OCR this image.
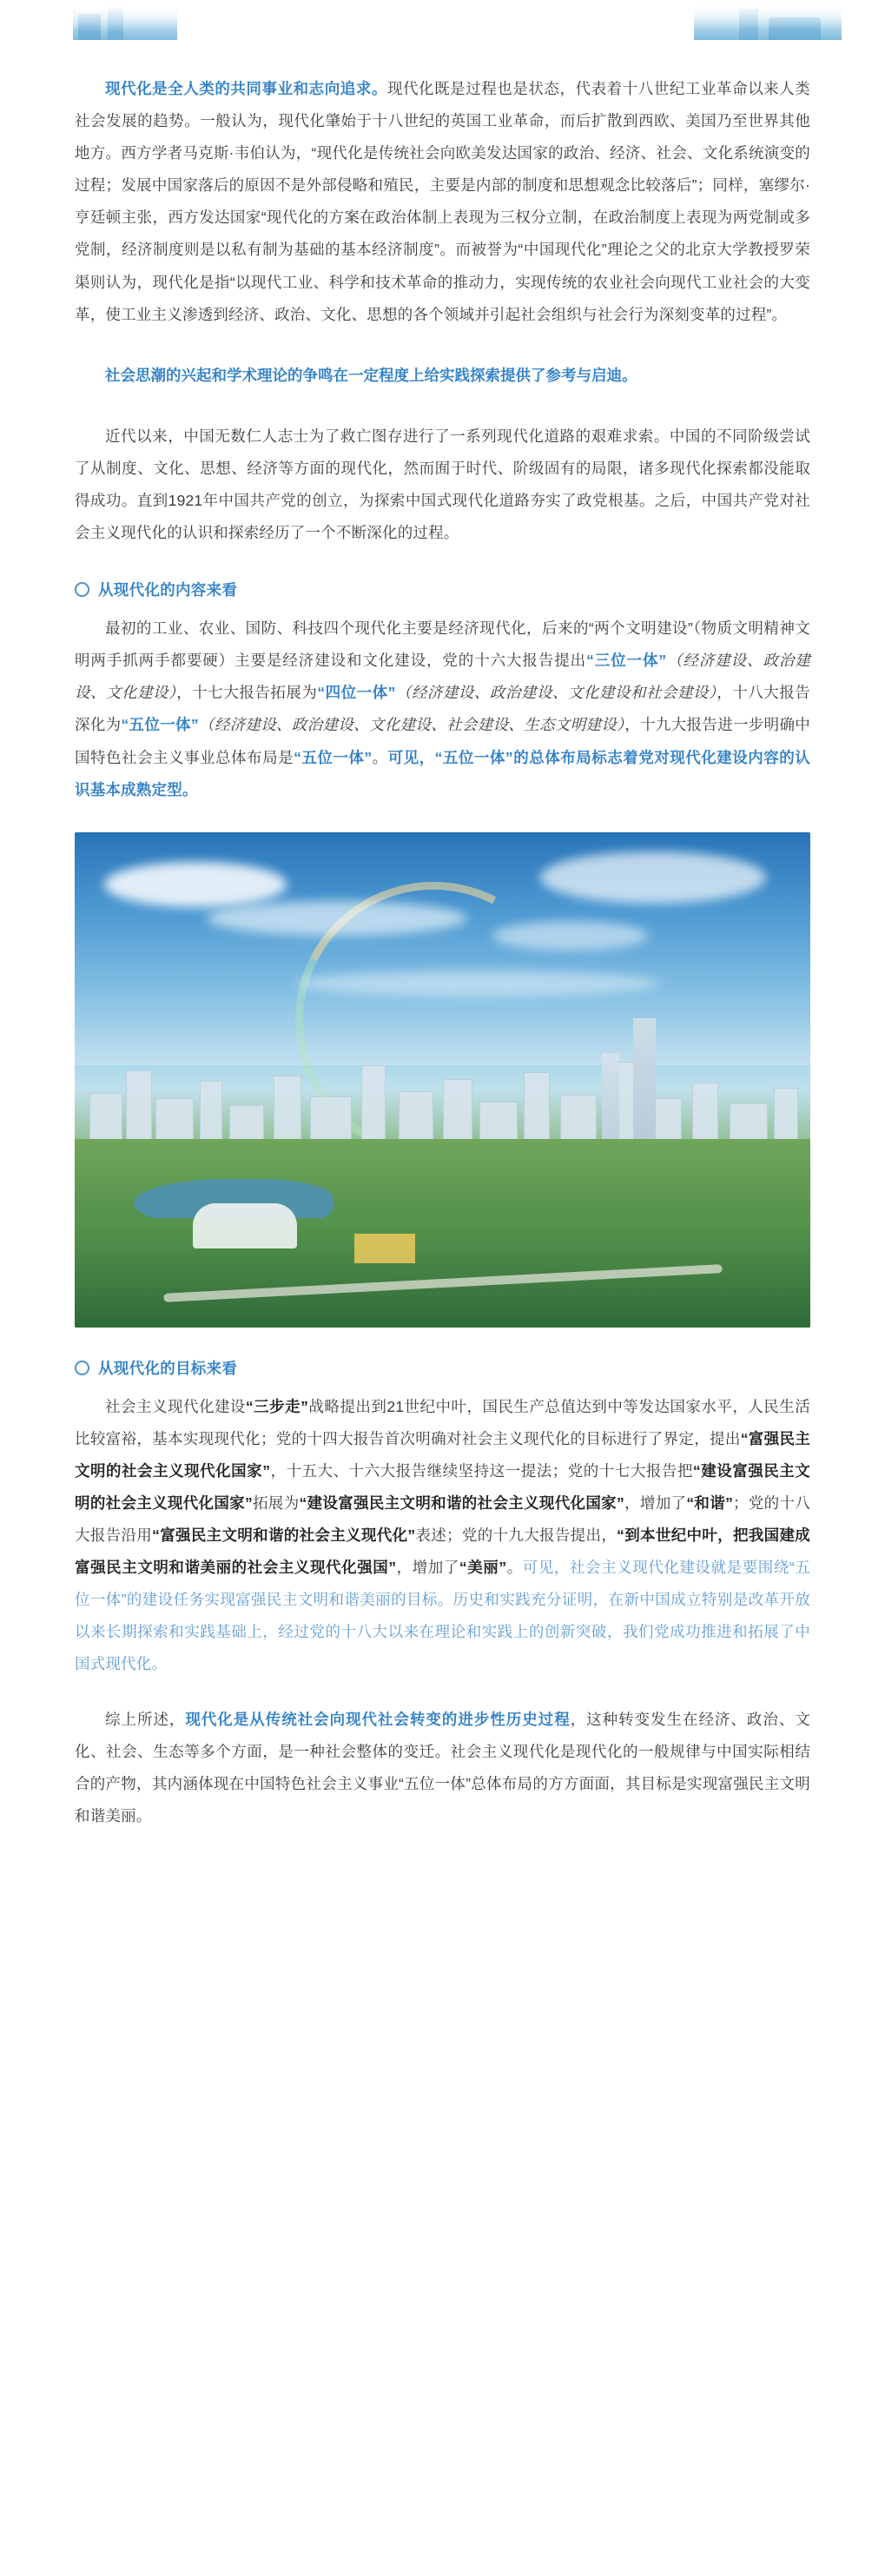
现代化是全人类的共同事业和志向追求。现代化既是过程也是状态，代表着十八世纪工业革命以来人类社会发展的趋势。一般认为，现代化肇始于十八世纪的英国工业革命，而后扩散到西欧、美国乃至世界其他地方。西方学者马克斯·韦伯认为，“现代化是传统社会向欧美发达国家的政治、经济、社会、文化系统演变的过程；发展中国家落后的原因不是外部侵略和殖民，主要是内部的制度和思想观念比较落后”；同样，塞缪尔·亨廷顿主张，西方发达国家“现代化的方案在政治体制上表现为三权分立制，在政治制度上表现为两党制或多党制，经济制度则是以私有制为基础的基本经济制度”。而被誉为“中国现代化”理论之父的北京大学教授罗荣渠则认为，现代化是指“以现代工业、科学和技术革命的推动力，实现传统的农业社会向现代工业社会的大变革，使工业主义渗透到经济、政治、文化、思想的各个领域并引起社会组织与社会行为深刻变革的过程”。

社会思潮的兴起和学术理论的争鸣在一定程度上给实践探索提供了参考与启迪。

近代以来，中国无数仁人志士为了救亡图存进行了一系列现代化道路的艰难求索。中国的不同阶级尝试了从制度、文化、思想、经济等方面的现代化，然而囿于时代、阶级固有的局限，诸多现代化探索都没能取得成功。直到1921年中国共产党的创立，为探索中国式现代化道路夯实了政党根基。之后，中国共产党对社会主义现代化的认识和探索经历了一个不断深化的过程。

从现代化的内容来看

最初的工业、农业、国防、科技四个现代化主要是经济现代化，后来的“两个文明建设”（物质文明精神文明两手抓两手都要硬）主要是经济建设和文化建设，党的十六大报告提出“三位一体”（经济建设、政治建设、文化建设），十七大报告拓展为“四位一体”（经济建设、政治建设、文化建设和社会建设），十八大报告深化为“五位一体”（经济建设、政治建设、文化建设、社会建设、生态文明建设），十九大报告进一步明确中国特色社会主义事业总体布局是“五位一体”。可见，“五位一体”的总体布局标志着党对现代化建设内容的认识基本成熟定型。

从现代化的目标来看

社会主义现代化建设“三步走”战略提出到21世纪中叶，国民生产总值达到中等发达国家水平，人民生活比较富裕，基本实现现代化；党的十四大报告首次明确对社会主义现代化的目标进行了界定，提出“富强民主文明的社会主义现代化国家”，十五大、十六大报告继续坚持这一提法；党的十七大报告把“建设富强民主文明的社会主义现代化国家”拓展为“建设富强民主文明和谐的社会主义现代化国家”，增加了“和谐”；党的十八大报告沿用“富强民主文明和谐的社会主义现代化”表述；党的十九大报告提出，“到本世纪中叶，把我国建成富强民主文明和谐美丽的社会主义现代化强国”，增加了“美丽”。可见，社会主义现代化建设就是要围绕“五位一体”的建设任务实现富强民主文明和谐美丽的目标。历史和实践充分证明，在新中国成立特别是改革开放以来长期探索和实践基础上，经过党的十八大以来在理论和实践上的创新突破，我们党成功推进和拓展了中国式现代化。

综上所述，现代化是从传统社会向现代社会转变的进步性历史过程，这种转变发生在经济、政治、文化、社会、生态等多个方面，是一种社会整体的变迁。社会主义现代化是现代化的一般规律与中国实际相结合的产物，其内涵体现在中国特色社会主义事业“五位一体”总体布局的方方面面，其目标是实现富强民主文明和谐美丽。
